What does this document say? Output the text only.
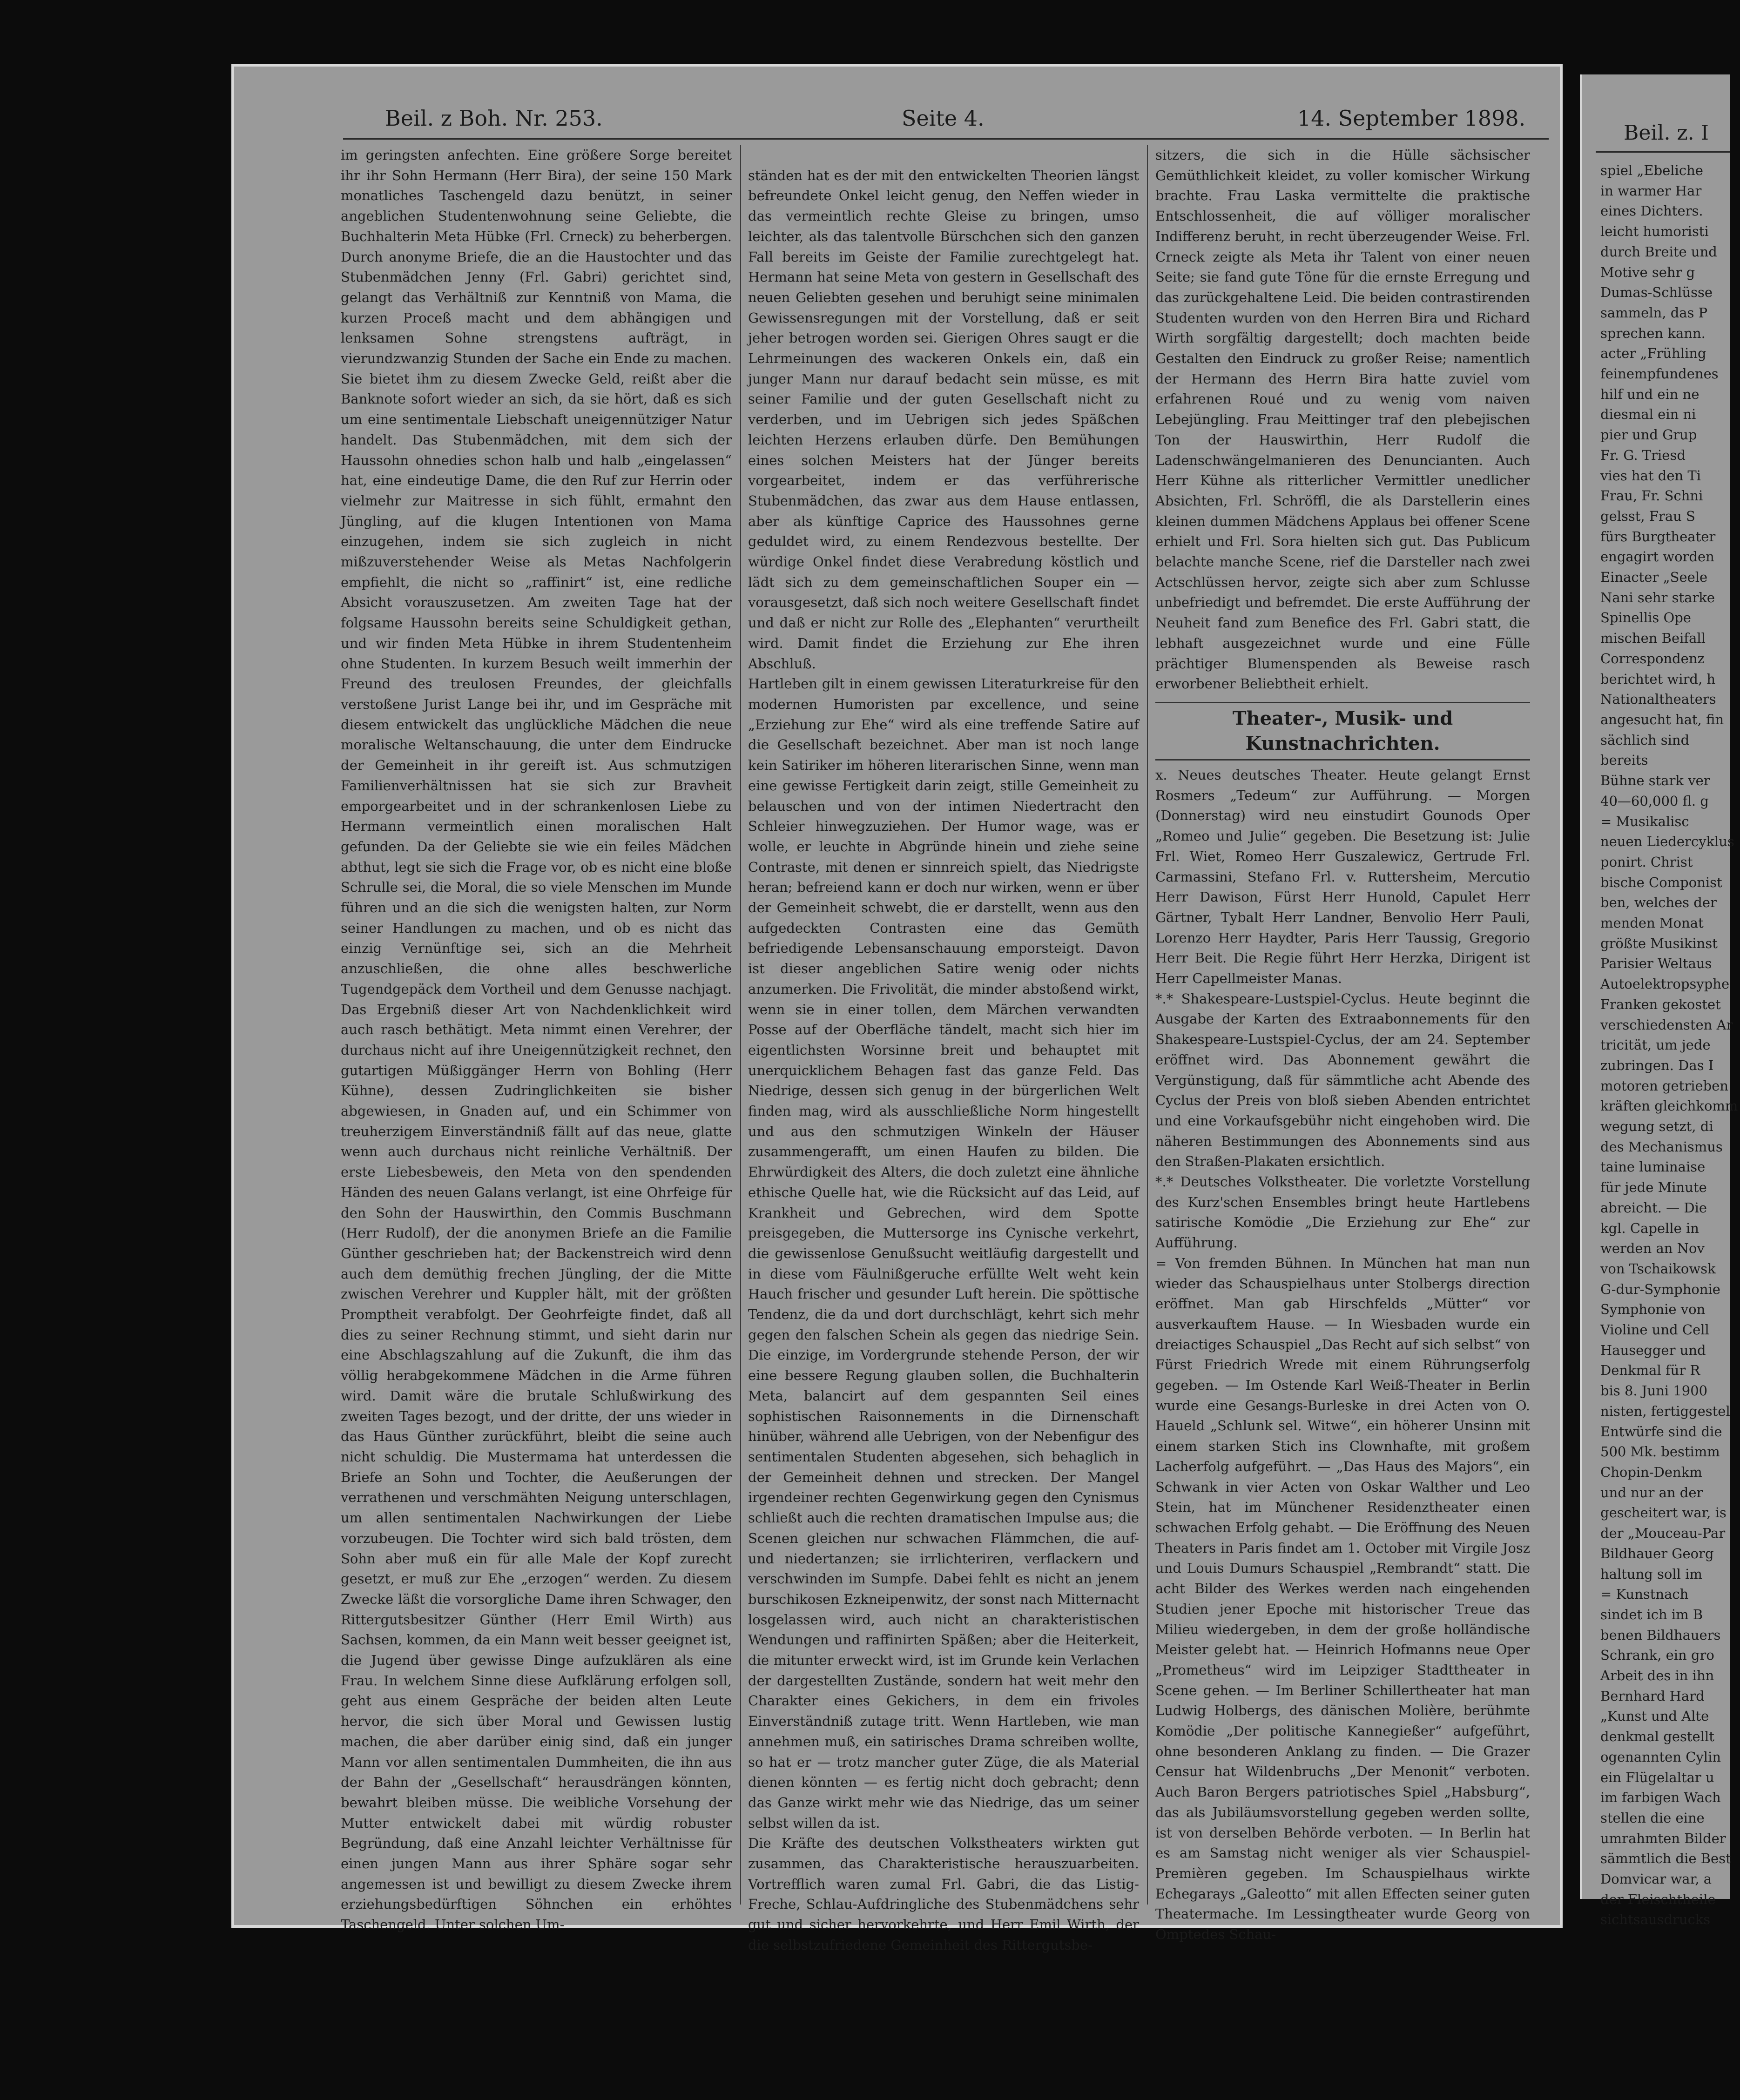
Beil. z Boh. Nr. 253.	Seite 4.	14. September 1898.

im geringsten anfechten. Eine größere Sorge bereitet ihr ihr Sohn Hermann (Herr Bira), der seine 150 Mark monatliches Taschengeld dazu benützt, in seiner angeblichen Studentenwohnung seine Geliebte, die Buchhalterin Meta Hübke (Frl. Crneck) zu beherbergen. Durch anonyme Briefe, die an die Haustochter und das Stubenmädchen Jenny (Frl. Gabri) gerichtet sind, gelangt das Verhältniß zur Kenntniß von Mama, die kurzen Proceß macht und dem abhängigen und lenksamen Sohne strengstens aufträgt, in vierundzwanzig Stunden der Sache ein Ende zu machen. Sie bietet ihm zu diesem Zwecke Geld, reißt aber die Banknote sofort wieder an sich, da sie hört, daß es sich um eine sentimentale Liebschaft uneigennütziger Natur handelt. Das Stubenmädchen, mit dem sich der Haussohn ohnedies schon halb und halb „eingelassen“ hat, eine eindeutige Dame, die den Ruf zur Herrin oder vielmehr zur Maitresse in sich fühlt, ermahnt den Jüngling, auf die klugen Intentionen von Mama einzugehen, indem sie sich zugleich in nicht mißzuverstehender Weise als Metas Nachfolgerin empfiehlt, die nicht so „raffinirt“ ist, eine redliche Absicht vorauszusetzen. Am zweiten Tage hat der folgsame Haussohn bereits seine Schuldigkeit gethan, und wir finden Meta Hübke in ihrem Studentenheim ohne Studenten. In kurzem Besuch weilt immerhin der Freund des treulosen Freundes, der gleichfalls verstoßene Jurist Lange bei ihr, und im Gespräche mit diesem entwickelt das unglückliche Mädchen die neue moralische Weltanschauung, die unter dem Eindrucke der Gemeinheit in ihr gereift ist. Aus schmutzigen Familienverhältnissen hat sie sich zur Bravheit emporgearbeitet und in der schrankenlosen Liebe zu Hermann vermeintlich einen moralischen Halt gefunden. Da der Geliebte sie wie ein feiles Mädchen abthut, legt sie sich die Frage vor, ob es nicht eine bloße Schrulle sei, die Moral, die so viele Menschen im Munde führen und an die sich die wenigsten halten, zur Norm seiner Handlungen zu machen, und ob es nicht das einzig Vernünftige sei, sich an die Mehrheit anzuschließen, die ohne alles beschwerliche Tugendgepäck dem Vortheil und dem Genusse nachjagt. Das Ergebniß dieser Art von Nachdenklichkeit wird auch rasch bethätigt. Meta nimmt einen Verehrer, der durchaus nicht auf ihre Uneigennützigkeit rechnet, den gutartigen Müßiggänger Herrn von Bohling (Herr Kühne), dessen Zudringlichkeiten sie bisher abgewiesen, in Gnaden auf, und ein Schimmer von treuherzigem Einverständniß fällt auf das neue, glatte wenn auch durchaus nicht reinliche Verhältniß. Der erste Liebesbeweis, den Meta von den spendenden Händen des neuen Galans verlangt, ist eine Ohrfeige für den Sohn der Hauswirthin, den Commis Buschmann (Herr Rudolf), der die anonymen Briefe an die Familie Günther geschrieben hat; der Backenstreich wird denn auch dem demüthig frechen Jüngling, der die Mitte zwischen Verehrer und Kuppler hält, mit der größten Promptheit verabfolgt. Der Geohrfeigte findet, daß all dies zu seiner Rechnung stimmt, und sieht darin nur eine Abschlagszahlung auf die Zukunft, die ihm das völlig herabgekommene Mädchen in die Arme führen wird. Damit wäre die brutale Schlußwirkung des zweiten Tages bezogt, und der dritte, der uns wieder in das Haus Günther zurückführt, bleibt die seine auch nicht schuldig. Die Mustermama hat unterdessen die Briefe an Sohn und Tochter, die Aeußerungen der verrathenen und verschmähten Neigung unterschlagen, um allen sentimentalen Nachwirkungen der Liebe vorzubeugen. Die Tochter wird sich bald trösten, dem Sohn aber muß ein für alle Male der Kopf zurecht gesetzt, er muß zur Ehe „erzogen“ werden. Zu diesem Zwecke läßt die vorsorgliche Dame ihren Schwager, den Rittergutsbesitzer Günther (Herr Emil Wirth) aus Sachsen, kommen, da ein Mann weit besser geeignet ist, die Jugend über gewisse Dinge aufzuklären als eine Frau. In welchem Sinne diese Aufklärung erfolgen soll, geht aus einem Gespräche der beiden alten Leute hervor, die sich über Moral und Gewissen lustig machen, die aber darüber einig sind, daß ein junger Mann vor allen sentimentalen Dummheiten, die ihn aus der Bahn der „Gesellschaft“ herausdrängen könnten, bewahrt bleiben müsse. Die weibliche Vorsehung der Mutter entwickelt dabei mit würdig robuster Begründung, daß eine Anzahl leichter Verhältnisse für einen jungen Mann aus ihrer Sphäre sogar sehr angemessen ist und bewilligt zu diesem Zwecke ihrem erziehungsbedürftigen Söhnchen ein erhöhtes Taschengeld. Unter solchen Um-

ständen hat es der mit den entwickelten Theorien längst befreundete Onkel leicht genug, den Neffen wieder in das vermeintlich rechte Gleise zu bringen, umso leichter, als das talentvolle Bürschchen sich den ganzen Fall bereits im Geiste der Familie zurechtgelegt hat. Hermann hat seine Meta von gestern in Gesellschaft des neuen Geliebten gesehen und beruhigt seine minimalen Gewissensregungen mit der Vorstellung, daß er seit jeher betrogen worden sei. Gierigen Ohres saugt er die Lehrmeinungen des wackeren Onkels ein, daß ein junger Mann nur darauf bedacht sein müsse, es mit seiner Familie und der guten Gesellschaft nicht zu verderben, und im Uebrigen sich jedes Späßchen leichten Herzens erlauben dürfe. Den Bemühungen eines solchen Meisters hat der Jünger bereits vorgearbeitet, indem er das verführerische Stubenmädchen, das zwar aus dem Hause entlassen, aber als künftige Caprice des Haussohnes gerne geduldet wird, zu einem Rendezvous bestellte. Der würdige Onkel findet diese Verabredung köstlich und lädt sich zu dem gemeinschaftlichen Souper ein — vorausgesetzt, daß sich noch weitere Gesellschaft findet und daß er nicht zur Rolle des „Elephanten“ verurtheilt wird. Damit findet die Erziehung zur Ehe ihren Abschluß.
Hartleben gilt in einem gewissen Literaturkreise für den modernen Humoristen par excellence, und seine „Erziehung zur Ehe“ wird als eine treffende Satire auf die Gesellschaft bezeichnet. Aber man ist noch lange kein Satiriker im höheren literarischen Sinne, wenn man eine gewisse Fertigkeit darin zeigt, stille Gemeinheit zu belauschen und von der intimen Niedertracht den Schleier hinwegzuziehen. Der Humor wage, was er wolle, er leuchte in Abgründe hinein und ziehe seine Contraste, mit denen er sinnreich spielt, das Niedrigste heran; befreiend kann er doch nur wirken, wenn er über der Gemeinheit schwebt, die er darstellt, wenn aus den aufgedeckten Contrasten eine das Gemüth befriedigende Lebensanschauung emporsteigt. Davon ist dieser angeblichen Satire wenig oder nichts anzumerken. Die Frivolität, die minder abstoßend wirkt, wenn sie in einer tollen, dem Märchen verwandten Posse auf der Oberfläche tändelt, macht sich hier im eigentlichsten Worsinne breit und behauptet mit unerquicklichem Behagen fast das ganze Feld. Das Niedrige, dessen sich genug in der bürgerlichen Welt finden mag, wird als ausschließliche Norm hingestellt und aus den schmutzigen Winkeln der Häuser zusammengerafft, um einen Haufen zu bilden. Die Ehrwürdigkeit des Alters, die doch zuletzt eine ähnliche ethische Quelle hat, wie die Rücksicht auf das Leid, auf Krankheit und Gebrechen, wird dem Spotte preisgegeben, die Muttersorge ins Cynische verkehrt, die gewissenlose Genußsucht weitläufig dargestellt und in diese vom Fäulnißgeruche erfüllte Welt weht kein Hauch frischer und gesunder Luft herein. Die spöttische Tendenz, die da und dort durchschlägt, kehrt sich mehr gegen den falschen Schein als gegen das niedrige Sein. Die einzige, im Vordergrunde stehende Person, der wir eine bessere Regung glauben sollen, die Buchhalterin Meta, balancirt auf dem gespannten Seil eines sophistischen Raisonnements in die Dirnenschaft hinüber, während alle Uebrigen, von der Nebenfigur des sentimentalen Studenten abgesehen, sich behaglich in der Gemeinheit dehnen und strecken. Der Mangel irgendeiner rechten Gegenwirkung gegen den Cynismus schließt auch die rechten dramatischen Impulse aus; die Scenen gleichen nur schwachen Flämmchen, die auf- und niedertanzen; sie irrlichteriren, verflackern und verschwinden im Sumpfe. Dabei fehlt es nicht an jenem burschikosen Ezkneipenwitz, der sonst nach Mitternacht losgelassen wird, auch nicht an charakteristischen Wendungen und raffinirten Späßen; aber die Heiterkeit, die mitunter erweckt wird, ist im Grunde kein Verlachen der dargestellten Zustände, sondern hat weit mehr den Charakter eines Gekichers, in dem ein frivoles Einverständniß zutage tritt. Wenn Hartleben, wie man annehmen muß, ein satirisches Drama schreiben wollte, so hat er — trotz mancher guter Züge, die als Material dienen könnten — es fertig nicht doch gebracht; denn das Ganze wirkt mehr wie das Niedrige, das um seiner selbst willen da ist.
Die Kräfte des deutschen Volkstheaters wirkten gut zusammen, das Charakteristische herauszuarbeiten. Vortrefflich waren zumal Frl. Gabri, die das Listig-Freche, Schlau-Aufdringliche des Stubenmädchens sehr gut und sicher hervorkehrte, und Herr Emil Wirth, der die selbstzufriedene Gemeinheit des Rittergutsbe-

sitzers, die sich in die Hülle sächsischer Gemüthlichkeit kleidet, zu voller komischer Wirkung brachte. Frau Laska vermittelte die praktische Entschlossenheit, die auf völliger moralischer Indifferenz beruht, in recht überzeugender Weise. Frl. Crneck zeigte als Meta ihr Talent von einer neuen Seite; sie fand gute Töne für die ernste Erregung und das zurückgehaltene Leid. Die beiden contrastirenden Studenten wurden von den Herren Bira und Richard Wirth sorgfältig dargestellt; doch machten beide Gestalten den Eindruck zu großer Reise; namentlich der Hermann des Herrn Bira hatte zuviel vom erfahrenen Roué und zu wenig vom naiven Lebejüngling. Frau Meittinger traf den plebejischen Ton der Hauswirthin, Herr Rudolf die Ladenschwängelmanieren des Denuncianten. Auch Herr Kühne als ritterlicher Vermittler unedlicher Absichten, Frl. Schröffl, die als Darstellerin eines kleinen dummen Mädchens Applaus bei offener Scene erhielt und Frl. Sora hielten sich gut. Das Publicum belachte manche Scene, rief die Darsteller nach zwei Actschlüssen hervor, zeigte sich aber zum Schlusse unbefriedigt und befremdet. Die erste Aufführung der Neuheit fand zum Benefice des Frl. Gabri statt, die lebhaft ausgezeichnet wurde und eine Fülle prächtiger Blumenspenden als Beweise rasch erworbener Beliebtheit erhielt.

Theater-, Musik- und Kunstnachrichten.

x. Neues deutsches Theater. Heute gelangt Ernst Rosmers „Tedeum“ zur Aufführung. — Morgen (Donnerstag) wird neu einstudirt Gounods Oper „Romeo und Julie“ gegeben. Die Besetzung ist: Julie Frl. Wiet, Romeo Herr Guszalewicz, Gertrude Frl. Carmassini, Stefano Frl. v. Ruttersheim, Mercutio Herr Dawison, Fürst Herr Hunold, Capulet Herr Gärtner, Tybalt Herr Landner, Benvolio Herr Pauli, Lorenzo Herr Haydter, Paris Herr Taussig, Gregorio Herr Beit. Die Regie führt Herr Herzka, Dirigent ist Herr Capellmeister Manas.
*.* Shakespeare-Lustspiel-Cyclus. Heute beginnt die Ausgabe der Karten des Extraabonnements für den Shakespeare-Lustspiel-Cyclus, der am 24. September eröffnet wird. Das Abonnement gewährt die Vergünstigung, daß für sämmtliche acht Abende des Cyclus der Preis von bloß sieben Abenden entrichtet und eine Vorkaufsgebühr nicht eingehoben wird. Die näheren Bestimmungen des Abonnements sind aus den Straßen-Plakaten ersichtlich.
*.* Deutsches Volkstheater. Die vorletzte Vorstellung des Kurz'schen Ensembles bringt heute Hartlebens satirische Komödie „Die Erziehung zur Ehe“ zur Aufführung.
= Von fremden Bühnen. In München hat man nun wieder das Schauspielhaus unter Stolbergs direction eröffnet. Man gab Hirschfelds „Mütter“ vor ausverkauftem Hause. — In Wiesbaden wurde ein dreiactiges Schauspiel „Das Recht auf sich selbst“ von Fürst Friedrich Wrede mit einem Rührungserfolg gegeben. — Im Ostende Karl Weiß-Theater in Berlin wurde eine Gesangs-Burleske in drei Acten von O. Haueld „Schlunk sel. Witwe“, ein höherer Unsinn mit einem starken Stich ins Clownhafte, mit großem Lacherfolg aufgeführt. — „Das Haus des Majors“, ein Schwank in vier Acten von Oskar Walther und Leo Stein, hat im Münchener Residenztheater einen schwachen Erfolg gehabt. — Die Eröffnung des Neuen Theaters in Paris findet am 1. October mit Virgile Josz und Louis Dumurs Schauspiel „Rembrandt“ statt. Die acht Bilder des Werkes werden nach eingehenden Studien jener Epoche mit historischer Treue das Milieu wiedergeben, in dem der große holländische Meister gelebt hat. — Heinrich Hofmanns neue Oper „Prometheus“ wird im Leipziger Stadttheater in Scene gehen. — Im Berliner Schillertheater hat man Ludwig Holbergs, des dänischen Molière, berühmte Komödie „Der politische Kannegießer“ aufgeführt, ohne besonderen Anklang zu finden. — Die Grazer Censur hat Wildenbruchs „Der Menonit“ verboten. Auch Baron Bergers patriotisches Spiel „Habsburg“, das als Jubiläumsvorstellung gegeben werden sollte, ist von derselben Behörde verboten. — In Berlin hat es am Samstag nicht weniger als vier Schauspiel-Premièren gegeben. Im Schauspielhaus wirkte Echegarays „Galeotto“ mit allen Effecten seiner guten Theatermache. Im Lessingtheater wurde Georg von Omptedes Schau-

Beil. z. I
spiel „Ebeliche
in warmer Har
eines Dichters.
leicht humoristi
durch Breite und
Motive sehr g
Dumas-Schlüsse
sammeln, das P
sprechen kann.
acter „Frühling
feinempfundenes
hilf und ein ne
diesmal ein ni
pier und Grup
Fr. G. Triesd
vies hat den Ti
Frau, Fr. Schni
gelsst, Frau S
fürs Burgtheater
engagirt worden
Einacter „Seele
Nani sehr starke
Spinellis Ope
mischen Beifall
Correspondenz
berichtet wird, h
Nationaltheaters
angesucht hat, fin
sächlich sind bereits
Bühne stark ver
40—60,000 fl. g
= Musikalisc
neuen Liedercyklus
ponirt. Christ
bische Componist
ben, welches der
menden Monat
größte Musikinst
Parisier Weltaus
Autoelektropsyphe
Franken gekostet
verschiedensten Ar
tricität, um jede
zubringen. Das I
motoren getrieben
kräften gleichkomm
wegung setzt, di
des Mechanismus
taine luminaise
für jede Minute
abreicht. — Die
kgl. Capelle in
werden an Nov
von Tschaikowsk
G-dur-Symphonie
Symphonie von
Violine und Cell
Hausegger und
Denkmal für R
bis 8. Juni 1900
nisten, fertiggestel
Entwürfe sind die
500 Mk. bestimm
Chopin-Denkm
und nur an der
gescheitert war, is
der „Mouceau-Par
Bildhauer Georg
haltung soll im
= Kunstnach
sindet ich im B
benen Bildhauers
Schrank, ein gro
Arbeit des in ihn
Bernhard Hard
„Kunst und Alte
denkmal gestellt
ogenannten Cylin
ein Flügelaltar u
im farbigen Wach
stellen die eine
umrahmten Bilder
sämmtlich die Best
Domvicar war, a
der Fleischtheile
sichtsausdrucks
